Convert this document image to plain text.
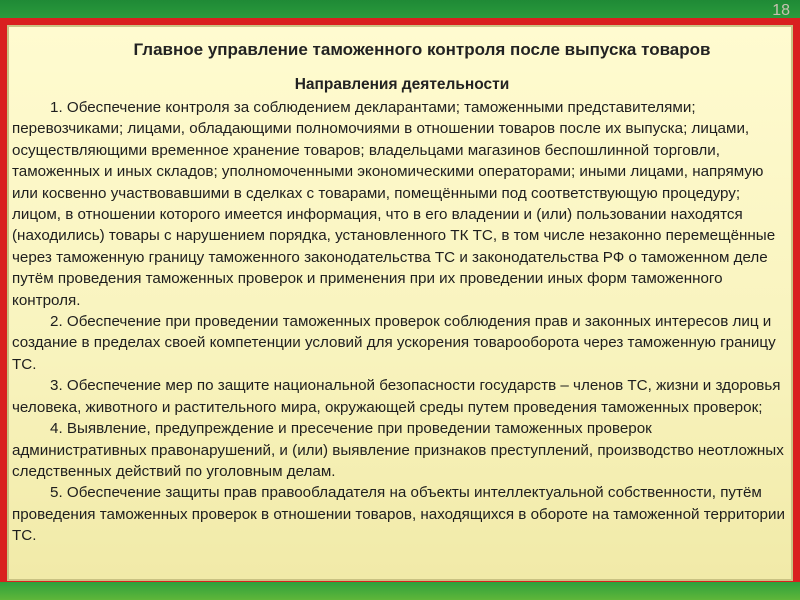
Главное управление таможенного контроля после выпуска товаров
Направления деятельности

1. Обеспечение контроля за соблюдением декларантами; таможенными представителями; перевозчиками; лицами, обладающими полномочиями в отношении товаров после их выпуска; лицами, осуществляющими временное хранение товаров; владельцами магазинов беспошлинной торговли, таможенных и иных складов; уполномоченными экономическими операторами; иными лицами, напрямую или косвенно участвовавшими в сделках с товарами, помещёнными под соответствующую процедуру; лицом, в отношении которого имеется информация, что в его владении и (или) пользовании находятся (находились) товары с нарушением порядка, установленного ТК ТС, в том числе незаконно перемещённые через таможенную границу таможенного законодательства ТС и законодательства РФ о таможенном деле путём проведения таможенных проверок и применения при их проведении иных форм таможенного контроля.

2. Обеспечение при проведении таможенных проверок соблюдения прав и законных интересов лиц и создание в пределах своей компетенции условий для ускорения товарооборота через таможенную границу ТС.

3. Обеспечение мер по защите национальной безопасности государств – членов ТС, жизни и здоровья человека, животного и растительного мира, окружающей среды путем проведения таможенных проверок;

4. Выявление, предупреждение и пресечение при проведении таможенных проверок административных правонарушений, и (или) выявление признаков преступлений, производство неотложных следственных действий по уголовным делам.

5. Обеспечение защиты прав правообладателя на объекты интеллектуальной собственности, путём проведения таможенных проверок в отношении товаров, находящихся в обороте на таможенной территории ТС.

18
